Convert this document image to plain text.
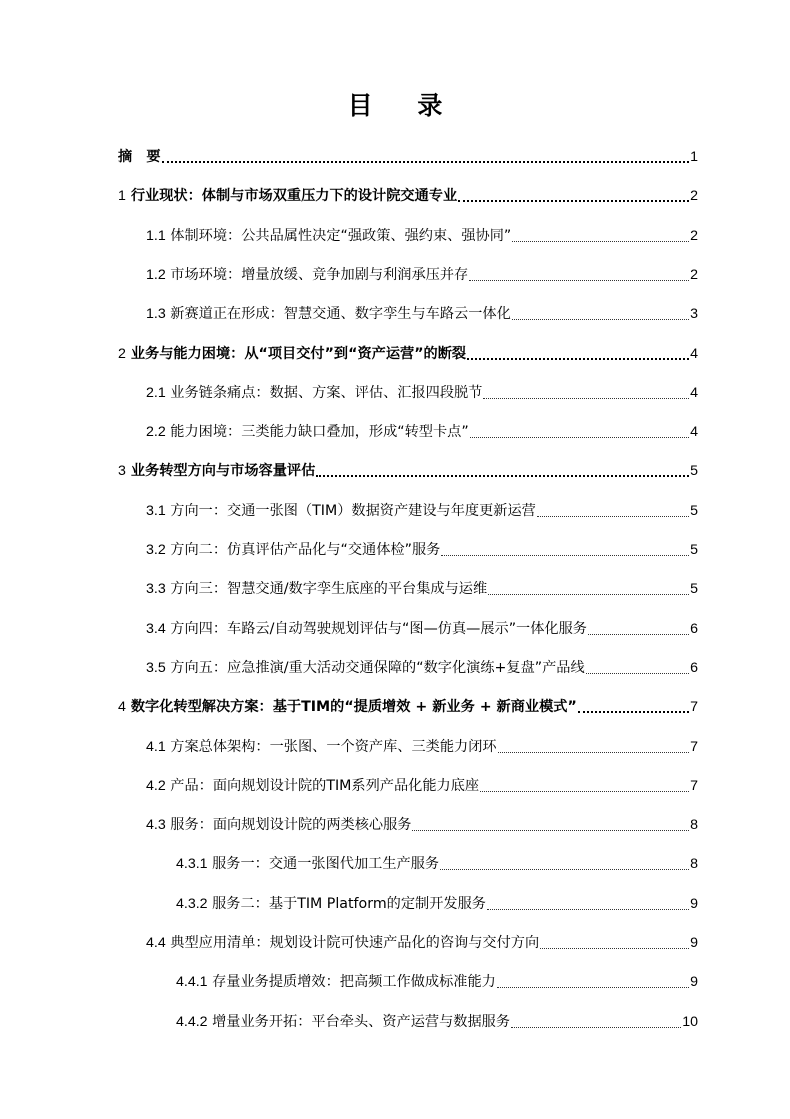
目 录
摘　要	1
1 行业现状：体制与市场双重压力下的设计院交通专业	2
1.1 体制环境：公共品属性决定“强政策、强约束、强协同”	2
1.2 市场环境：增量放缓、竞争加剧与利润承压并存	2
1.3 新赛道正在形成：智慧交通、数字孪生与车路云一体化	3
2 业务与能力困境：从“项目交付”到“资产运营”的断裂	4
2.1 业务链条痛点：数据、方案、评估、汇报四段脱节	4
2.2 能力困境：三类能力缺口叠加，形成“转型卡点”	4
3 业务转型方向与市场容量评估	5
3.1 方向一：交通一张图（TIM）数据资产建设与年度更新运营	5
3.2 方向二：仿真评估产品化与“交通体检”服务	5
3.3 方向三：智慧交通/数字孪生底座的平台集成与运维	5
3.4 方向四：车路云/自动驾驶规划评估与“图—仿真—展示”一体化服务	6
3.5 方向五：应急推演/重大活动交通保障的“数字化演练+复盘”产品线	6
4 数字化转型解决方案：基于TIM的“提质增效 + 新业务 + 新商业模式”	7
4.1 方案总体架构：一张图、一个资产库、三类能力闭环	7
4.2 产品：面向规划设计院的TIM系列产品化能力底座	7
4.3 服务：面向规划设计院的两类核心服务	8
4.3.1 服务一：交通一张图代加工生产服务	8
4.3.2 服务二：基于TIM Platform的定制开发服务	9
4.4 典型应用清单：规划设计院可快速产品化的咨询与交付方向	9
4.4.1 存量业务提质增效：把高频工作做成标准能力	9
4.4.2 增量业务开拓：平台牵头、资产运营与数据服务	10
